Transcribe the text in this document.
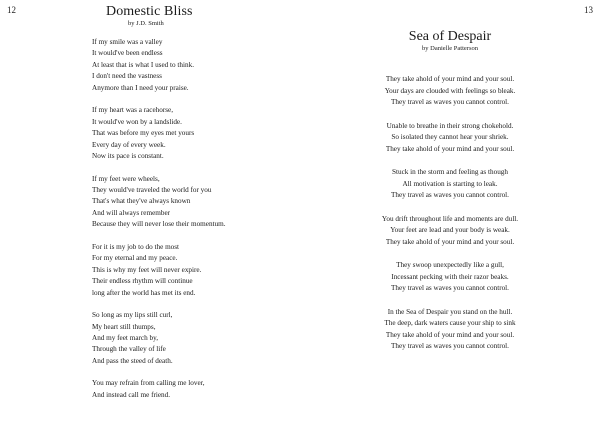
12	13
Domestic Bliss
by J.D. Smith
If my smile was a valley
It would've been endless
At least that is what I used to think.
I don't need the vastness
Anymore than I need your praise.
If my heart was a racehorse,
It would've won by a landslide.
That was before my eyes met yours
Every day of every week.
Now its pace is constant.
If my feet were wheels,
They would've traveled the world for you
That's what they've always known
And will always remember
Because they will never lose their momentum.
For it is my job to do the most
For my eternal and my peace.
This is why my feet will never expire.
Their endless rhythm will continue
long after the world has met its end.
So long as my lips still curl,
My heart still thumps,
And my feet march by,
Through the valley of life
And pass the steed of death.
You may refrain from calling me lover,
And instead call me friend.
Sea of Despair
by Danielle Patterson
They take ahold of your mind and your soul.
Your days are clouded with feelings so bleak.
They travel as waves you cannot control.
Unable to breathe in their strong chokehold.
So isolated they cannot hear your shriek.
They take ahold of your mind and your soul.
Stuck in the storm and feeling as though
All motivation is starting to leak.
They travel as waves you cannot control.
You drift throughout life and moments are dull.
Your feet are lead and your body is weak.
They take ahold of your mind and your soul.
They swoop unexpectedly like a gull,
Incessant pecking with their razor beaks.
They travel as waves you cannot control.
In the Sea of Despair you stand on the hull.
The deep, dark waters cause your ship to sink
They take ahold of your mind and your soul.
They travel as waves you cannot control.
